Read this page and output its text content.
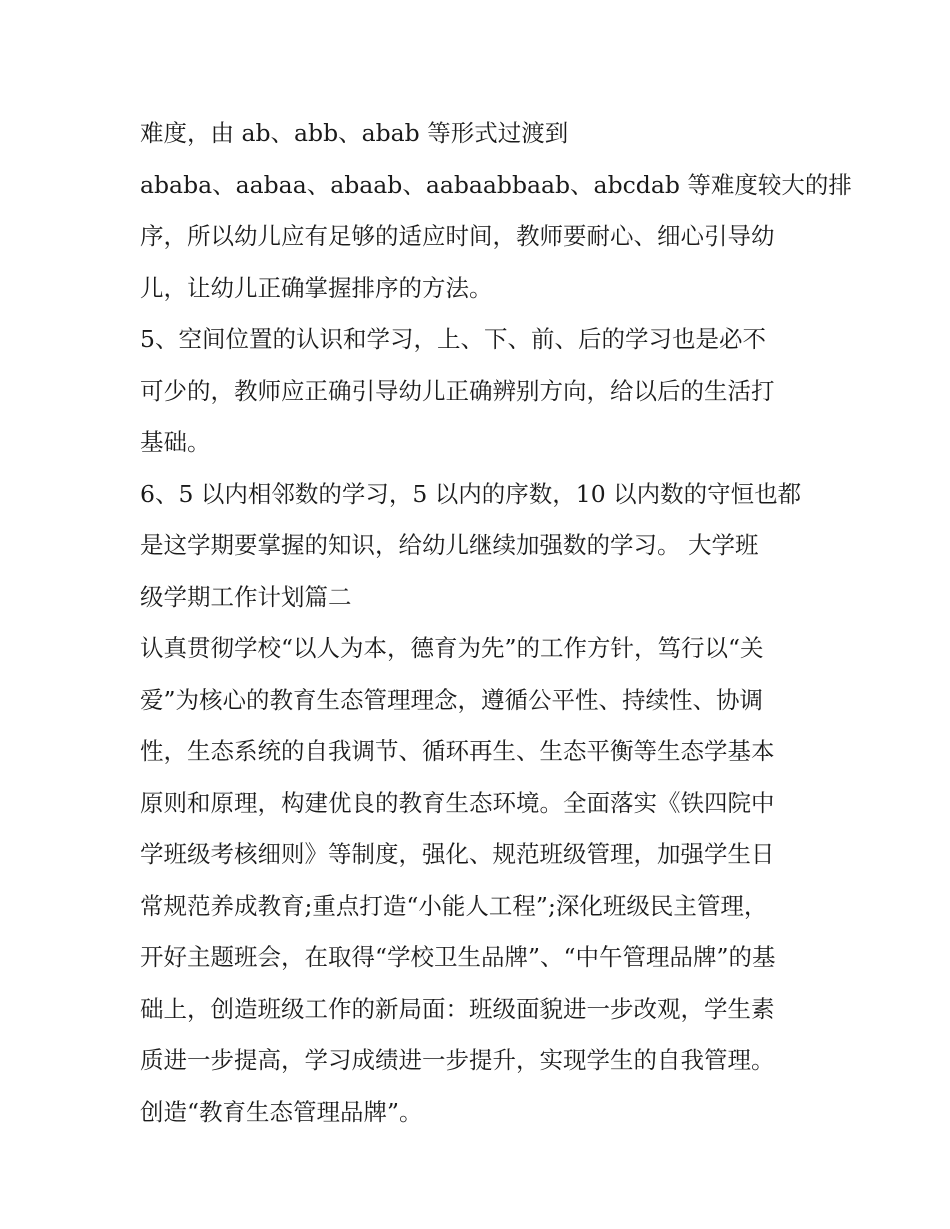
难度，由 ab、abb、abab 等形式过渡到
ababa、aabaa、abaab、aabaabbaab、abcdab 等难度较大的排
序，所以幼儿应有足够的适应时间，教师要耐心、细心引导幼
儿，让幼儿正确掌握排序的方法。
5、空间位置的认识和学习，上、下、前、后的学习也是必不
可少的，教师应正确引导幼儿正确辨别方向，给以后的生活打
基础。
6、5 以内相邻数的学习，5 以内的序数，10 以内数的守恒也都
是这学期要掌握的知识，给幼儿继续加强数的学习。 大学班
级学期工作计划篇二
认真贯彻学校“以人为本，德育为先”的工作方针，笃行以“关
爱”为核心的教育生态管理理念，遵循公平性、持续性、协调
性，生态系统的自我调节、循环再生、生态平衡等生态学基本
原则和原理，构建优良的教育生态环境。全面落实《铁四院中
学班级考核细则》等制度，强化、规范班级管理，加强学生日
常规范养成教育;重点打造“小能人工程”;深化班级民主管理，
开好主题班会，在取得“学校卫生品牌”、“中午管理品牌”的基
础上，创造班级工作的新局面：班级面貌进一步改观，学生素
质进一步提高，学习成绩进一步提升，实现学生的自我管理。
创造“教育生态管理品牌”。
